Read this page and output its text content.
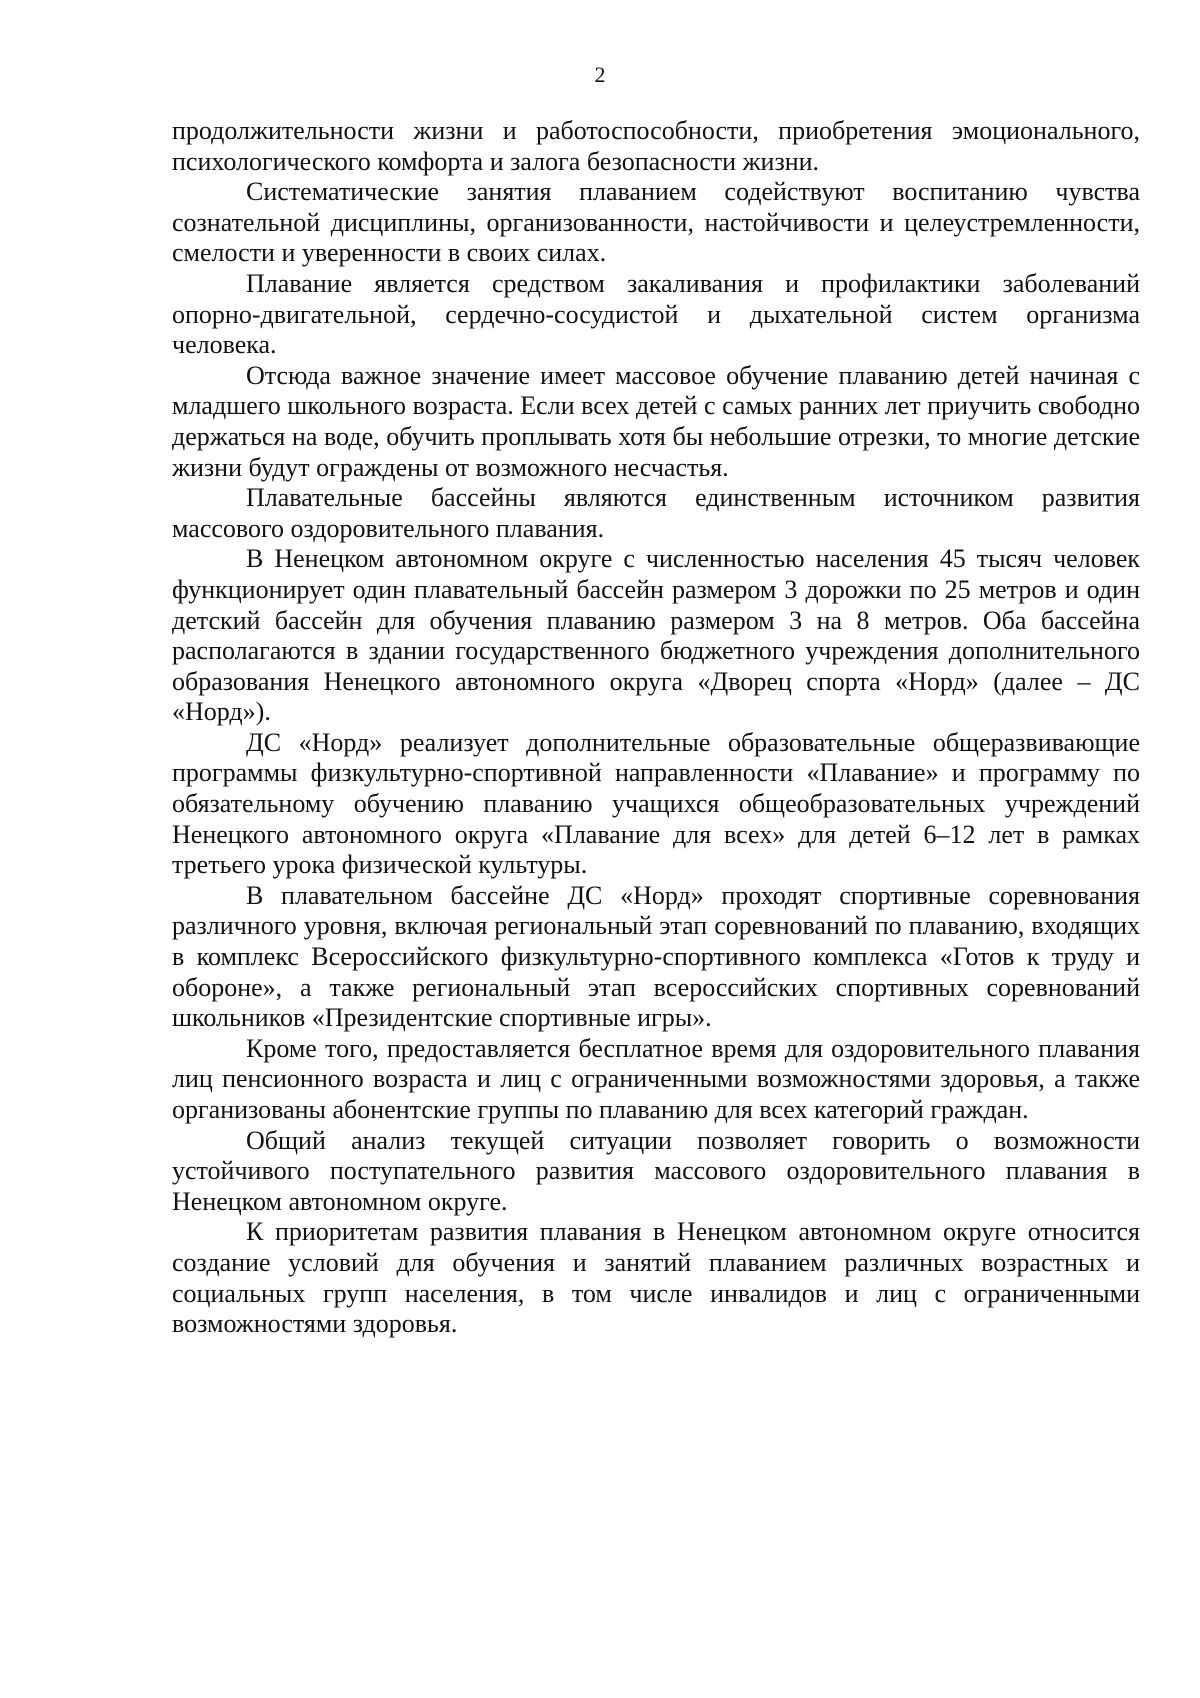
2

продолжительности жизни и работоспособности, приобретения эмоционального, психологического комфорта и залога безопасности жизни.

Систематические занятия плаванием содействуют воспитанию чувства сознательной дисциплины, организованности, настойчивости и целеустремленности, смелости и уверенности в своих силах.

Плавание является средством закаливания и профилактики заболеваний опорно-двигательной, сердечно-сосудистой и дыхательной систем организма человека.

Отсюда важное значение имеет массовое обучение плаванию детей начиная с младшего школьного возраста. Если всех детей с самых ранних лет приучить свободно держаться на воде, обучить проплывать хотя бы небольшие отрезки, то многие детские жизни будут ограждены от возможного несчастья.

Плавательные бассейны являются единственным источником развития массового оздоровительного плавания.

В Ненецком автономном округе с численностью населения 45 тысяч человек функционирует один плавательный бассейн размером 3 дорожки по 25 метров и один детский бассейн для обучения плаванию размером 3 на 8 метров. Оба бассейна располагаются в здании государственного бюджетного учреждения дополнительного образования Ненецкого автономного округа «Дворец спорта «Норд» (далее – ДС «Норд»).

ДС «Норд» реализует дополнительные образовательные общеразвивающие программы физкультурно-спортивной направленности «Плавание» и программу по обязательному обучению плаванию учащихся общеобразовательных учреждений Ненецкого автономного округа «Плавание для всех» для детей 6–12 лет в рамках третьего урока физической культуры.

В плавательном бассейне ДС «Норд» проходят спортивные соревнования различного уровня, включая региональный этап соревнований по плаванию, входящих в комплекс Всероссийского физкультурно-спортивного комплекса «Готов к труду и обороне», а также региональный этап всероссийских спортивных соревнований школьников «Президентские спортивные игры».

Кроме того, предоставляется бесплатное время для оздоровительного плавания лиц пенсионного возраста и лиц с ограниченными возможностями здоровья, а также организованы абонентские группы по плаванию для всех категорий граждан.

Общий анализ текущей ситуации позволяет говорить о возможности устойчивого поступательного развития массового оздоровительного плавания в Ненецком автономном округе.

К приоритетам развития плавания в Ненецком автономном округе относится создание условий для обучения и занятий плаванием различных возрастных и социальных групп населения, в том числе инвалидов и лиц с ограниченными возможностями здоровья.
